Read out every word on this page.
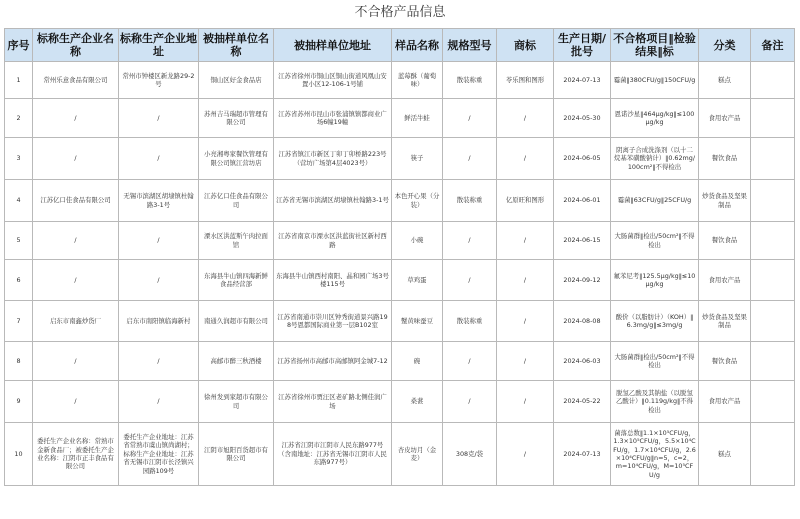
不合格产品信息
序号	标称生产企业名称	标称生产企业地址	被抽样单位名称	被抽样单位地址	样品名称	规格型号	商标	生产日期/批号	不合格项目‖检验结果‖标	分类	备注
1	常州乐意食品有限公司	常州市钟楼区新龙路29-2号	铜山区好金食品店	江苏省徐州市铜山区铜山街道风凰山安置小区12-106-1号铺	蓝莓酥（葡萄味）	散装称重	苓乐图和图形	2024-07-13	霉菌‖380CFU/g‖150CFU/g	糕点	
2	/	/	苏州吉马瑞超市管理有限公司	江苏省苏州市昆山市张浦镇镇都商业广场6幢19幢	鲜活牛蛙	/	/	2024-05-30	恩诺沙星‖464μg/kg‖≤100μg/kg	食用农产品	
3	/	/	小亮湘粤家餐饮管理有限公司镇江营坊店	江苏省镇江市新区丁卯丁卯桥路223号（营坊广场第4层4023号）	筷子	/	/	2024-06-05	阴离子合成洗涤剂（以十二烷基苯磺酸钠计）‖0.62mg/100cm²‖不得检出	餐饮食品	
4	江苏亿口佳食品有限公司	无锡市滨湖区胡埭镇杜翰路3-1号	江苏亿口佳食品有限公司	江苏省无锡市滨湖区胡埭镇杜翰路3-1号	本色开心果（分装）	散装称重	亿原旺和图形	2024-06-01	霉菌‖63CFU/g‖25CFU/g	炒货食品及坚果制品	
5	/	/	溧水区洪蓝斯午肉拉面馆	江苏省南京市溧水区洪蓝街社区新村西路	小碗	/	/	2024-06-15	大肠菌群‖检出/50cm²‖不得检出	餐饮食品	
6	/	/	东海县牛山镇四海新鲜食品经营部	东海县牛山镇西村南阳、晶和园广场3号楼115号	草鸡蛋	/	/	2024-09-12	氟苯尼考‖125.5μg/kg‖≤10μg/kg	食用农产品	
7	启东市南鑫炒货厂	启东市南阳镇临海新村	南通久润超市有限公司	江苏省南通市崇川区钟秀街道景兴路198号恩都国际商业第一层B102室	蟹黄味蚕豆	散装称重	/	2024-08-08	酸价（以脂肪计）（KOH）‖6.3mg/g‖≤3mg/g	炒货食品及坚果制品	
8	/	/	高邮市醉三秋酒楼	江苏省扬州市高邮市高邮镇阿金城7-12	碗	/	/	2024-06-03	大肠菌群‖检出/50cm²‖不得检出	餐饮食品	
9	/	/	徐州发到家超市有限公司	江苏省徐州市贾汪区老矿路北侧佳润广场	桑葚	/	/	2024-05-22	脱氢乙酸及其钠盐（以脱氢乙酸计）‖0.119g/kg‖不得检出	食用农产品	
10	委托生产企业名称：常熟市金新食品厂；被委托生产企业名称：江阴市正丰食品有限公司	委托生产企业地址：江苏省常熟市虞山镇尚湖村；标称生产企业地址：江苏省无锡市江阴市长泾镇兴园路109号	江阴市旭阳百货超市有限公司	江苏省江阴市江阴市人民东路977号（含南地址：江苏省无锡市江阴市人民东路977号）	杏皮坊月（金麦）	308克/袋	/	2024-07-13	菌落总数‖1.1×10⁵CFU/g，1.3×10⁵CFU/g，5.5×10⁴CFU/g，1.7×10⁴CFU/g，2.6×10⁴CFU/g‖n=5，c=2，m=10⁴CFU/g，M=10⁵CFU/g	糕点	
